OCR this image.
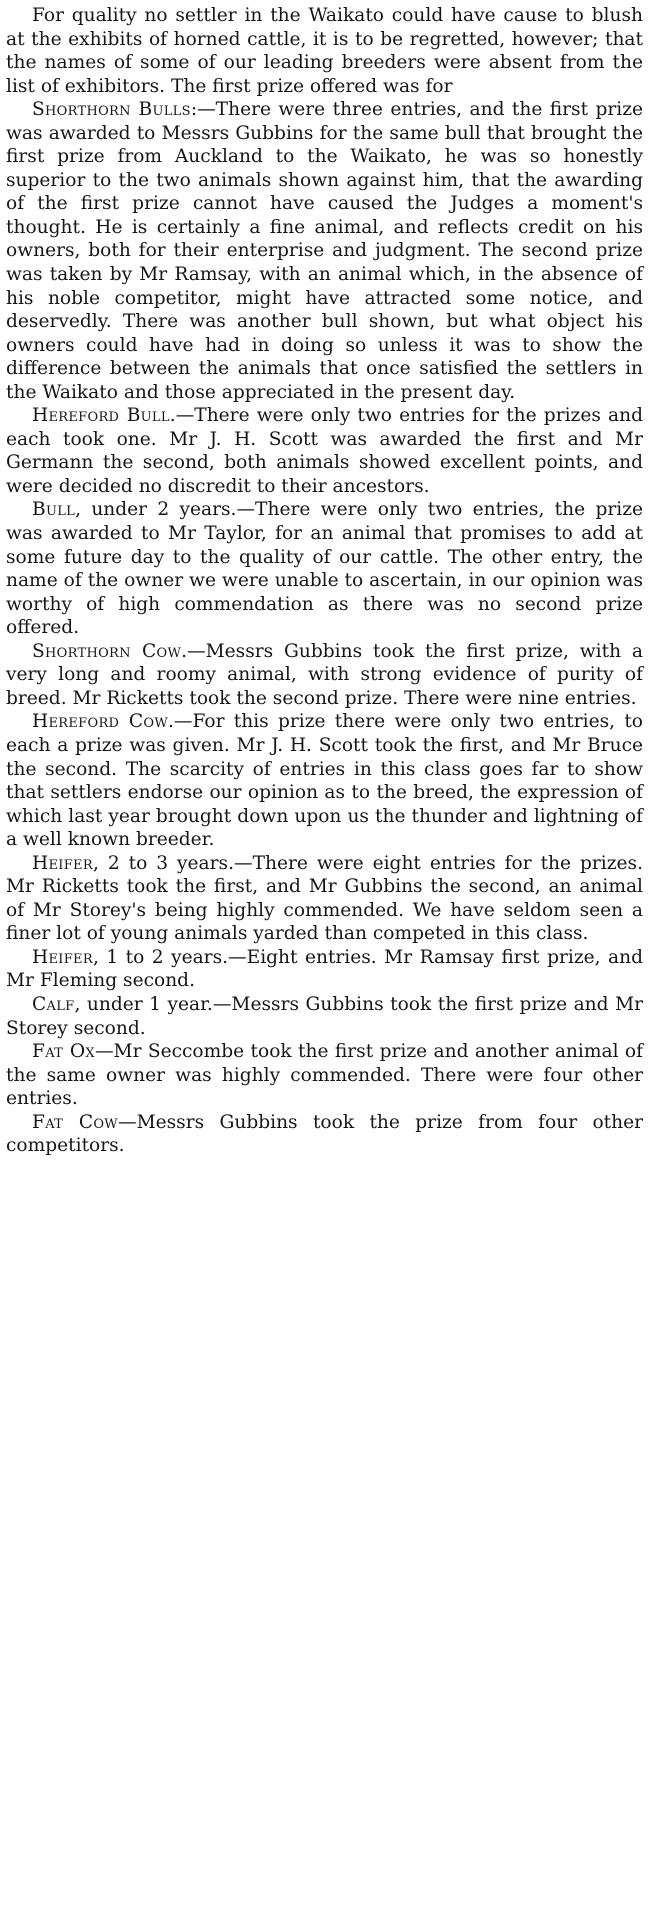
For quality no settler in the Waikato could have cause to blush at the exhibits of horned cattle, it is to be regretted, however; that the names of some of our leading breeders were absent from the list of exhibitors. The first prize offered was for

Shorthorn Bulls:—There were three entries, and the first prize was awarded to Messrs Gubbins for the same bull that brought the first prize from Auckland to the Waikato, he was so honestly superior to the two animals shown against him, that the awarding of the first prize cannot have caused the Judges a moment's thought. He is certainly a fine animal, and reflects credit on his owners, both for their enterprise and judgment. The second prize was taken by Mr Ramsay, with an animal which, in the absence of his noble competitor, might have attracted some notice, and deservedly. There was another bull shown, but what object his owners could have had in doing so unless it was to show the difference between the animals that once satisfied the settlers in the Waikato and those appreciated in the present day.

Hereford Bull.—There were only two entries for the prizes and each took one. Mr J. H. Scott was awarded the first and Mr Germann the second, both animals showed excellent points, and were decided no discredit to their ancestors.

Bull, under 2 years.—There were only two entries, the prize was awarded to Mr Taylor, for an animal that promises to add at some future day to the quality of our cattle. The other entry, the name of the owner we were unable to ascertain, in our opinion was worthy of high commendation as there was no second prize offered.

Shorthorn Cow.—Messrs Gubbins took the first prize, with a very long and roomy animal, with strong evidence of purity of breed. Mr Ricketts took the second prize. There were nine entries.

Hereford Cow.—For this prize there were only two entries, to each a prize was given. Mr J. H. Scott took the first, and Mr Bruce the second. The scarcity of entries in this class goes far to show that settlers endorse our opinion as to the breed, the expression of which last year brought down upon us the thunder and lightning of a well known breeder.

Heifer, 2 to 3 years.—There were eight entries for the prizes. Mr Ricketts took the first, and Mr Gubbins the second, an animal of Mr Storey's being highly commended. We have seldom seen a finer lot of young animals yarded than competed in this class.

Heifer, 1 to 2 years.—Eight entries. Mr Ramsay first prize, and Mr Fleming second.

Calf, under 1 year.—Messrs Gubbins took the first prize and Mr Storey second.

Fat Ox—Mr Seccombe took the first prize and another animal of the same owner was highly commended. There were four other entries.

Fat Cow—Messrs Gubbins took the prize from four other competitors.
